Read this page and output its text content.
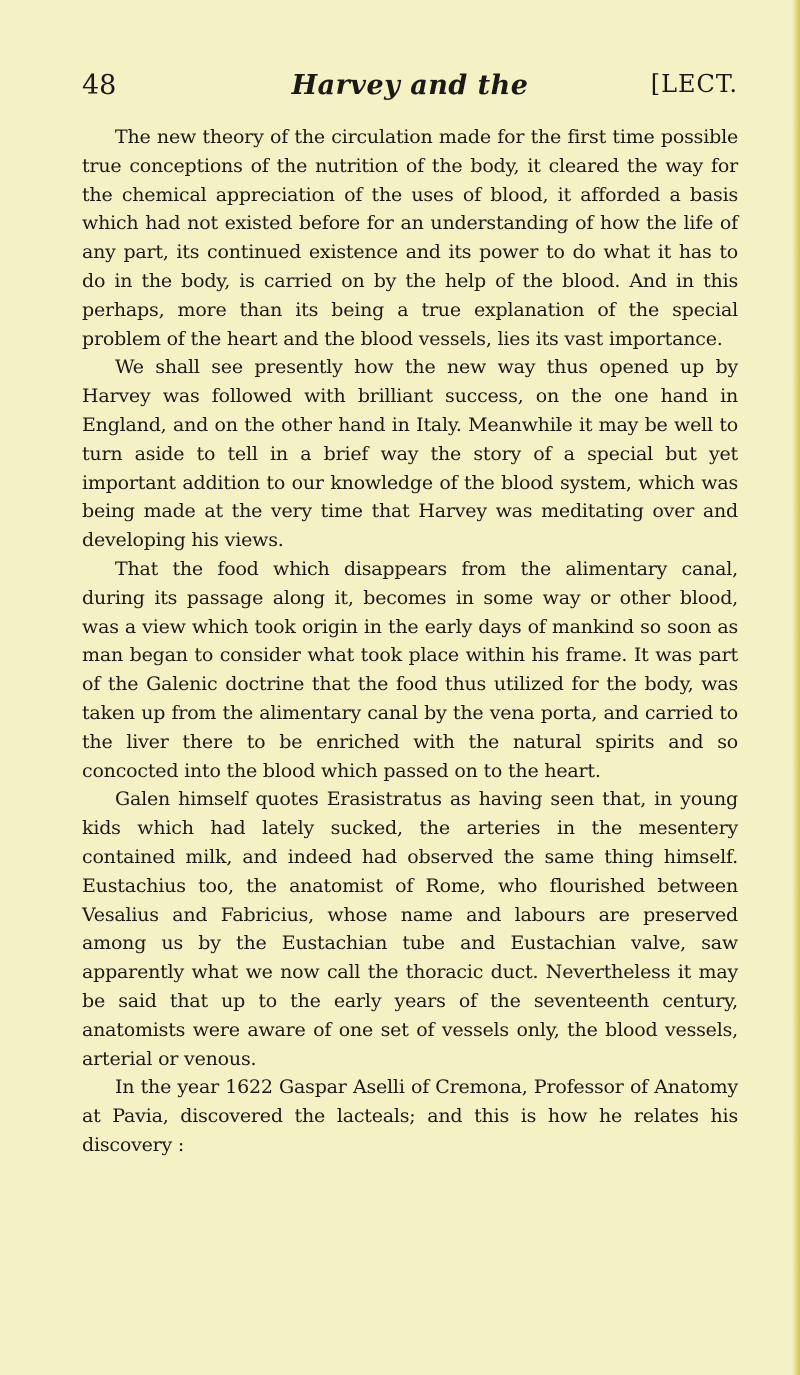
48	Harvey and the	[LECT.

The new theory of the circulation made for the first time possible true conceptions of the nutrition of the body, it cleared the way for the chemical appreciation of the uses of blood, it afforded a basis which had not existed before for an understanding of how the life of any part, its continued existence and its power to do what it has to do in the body, is carried on by the help of the blood. And in this perhaps, more than its being a true explanation of the special problem of the heart and the blood vessels, lies its vast importance.

We shall see presently how the new way thus opened up by Harvey was followed with brilliant success, on the one hand in England, and on the other hand in Italy. Meanwhile it may be well to turn aside to tell in a brief way the story of a special but yet important addition to our knowledge of the blood system, which was being made at the very time that Harvey was meditating over and developing his views.

That the food which disappears from the alimentary canal, during its passage along it, becomes in some way or other blood, was a view which took origin in the early days of mankind so soon as man began to consider what took place within his frame. It was part of the Galenic doctrine that the food thus utilized for the body, was taken up from the alimentary canal by the vena porta, and carried to the liver there to be enriched with the natural spirits and so concocted into the blood which passed on to the heart.

Galen himself quotes Erasistratus as having seen that, in young kids which had lately sucked, the arteries in the mesentery contained milk, and indeed had observed the same thing himself. Eustachius too, the anatomist of Rome, who flourished between Vesalius and Fabricius, whose name and labours are preserved among us by the Eustachian tube and Eustachian valve, saw apparently what we now call the thoracic duct. Nevertheless it may be said that up to the early years of the seventeenth century, anatomists were aware of one set of vessels only, the blood vessels, arterial or venous.

In the year 1622 Gaspar Aselli of Cremona, Professor of Anatomy at Pavia, discovered the lacteals; and this is how he relates his discovery :
